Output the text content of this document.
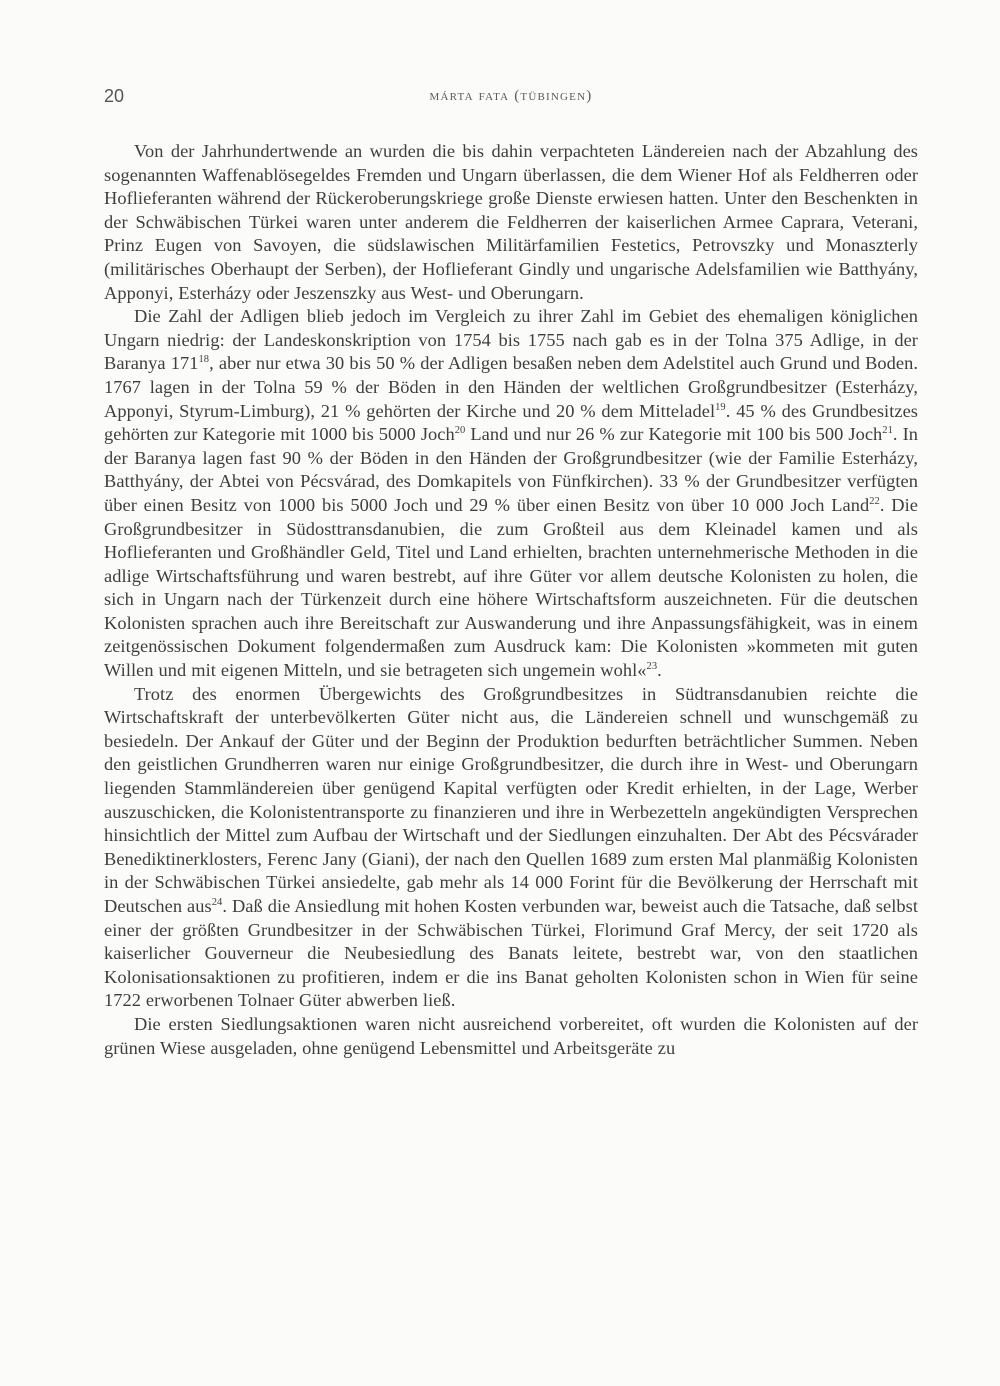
20	márta fata (tübingen)

Von der Jahrhundertwende an wurden die bis dahin verpachteten Ländereien nach der Abzahlung des sogenannten Waffenablösegeldes Fremden und Ungarn überlassen, die dem Wiener Hof als Feldherren oder Hoflieferanten während der Rückeroberungskriege große Dienste erwiesen hatten. Unter den Beschenkten in der Schwäbischen Türkei waren unter anderem die Feldherren der kaiserlichen Armee Caprara, Veterani, Prinz Eugen von Savoyen, die südslawischen Militärfamilien Festetics, Petrovszky und Monaszterly (militärisches Oberhaupt der Serben), der Hoflieferant Gindly und ungarische Adelsfamilien wie Batthyány, Apponyi, Esterházy oder Jeszenszky aus West- und Oberungarn.

Die Zahl der Adligen blieb jedoch im Vergleich zu ihrer Zahl im Gebiet des ehemaligen königlichen Ungarn niedrig: der Landeskonskription von 1754 bis 1755 nach gab es in der Tolna 375 Adlige, in der Baranya $171^{18}$, aber nur etwa 30 bis 50 % der Adligen besaßen neben dem Adelstitel auch Grund und Boden. 1767 lagen in der Tolna 59 % der Böden in den Händen der weltlichen Großgrundbesitzer (Esterházy, Apponyi, Styrum-Limburg), 21 % gehörten der Kirche und 20 % dem Mitteladel$^{19}$. 45 % des Grundbesitzes gehörten zur Kategorie mit 1000 bis 5000 Joch$^{20}$ Land und nur 26 % zur Kategorie mit 100 bis 500 Joch$^{21}$. In der Baranya lagen fast 90 % der Böden in den Händen der Großgrundbesitzer (wie der Familie Esterházy, Batthyány, der Abtei von Pécsvárad, des Domkapitels von Fünfkirchen). 33 % der Grundbesitzer verfügten über einen Besitz von 1000 bis 5000 Joch und 29 % über einen Besitz von über 10 000 Joch Land$^{22}$. Die Großgrundbesitzer in Südosttransdanubien, die zum Großteil aus dem Kleinadel kamen und als Hoflieferanten und Großhändler Geld, Titel und Land erhielten, brachten unternehmerische Methoden in die adlige Wirtschaftsführung und waren bestrebt, auf ihre Güter vor allem deutsche Kolonisten zu holen, die sich in Ungarn nach der Türkenzeit durch eine höhere Wirtschaftsform auszeichneten. Für die deutschen Kolonisten sprachen auch ihre Bereitschaft zur Auswanderung und ihre Anpassungsfähigkeit, was in einem zeitgenössischen Dokument folgendermaßen zum Ausdruck kam: Die Kolonisten »kommeten mit guten Willen und mit eigenen Mitteln, und sie betrageten sich ungemein wohl«$^{23}$.

Trotz des enormen Übergewichts des Großgrundbesitzes in Südtransdanubien reichte die Wirtschaftskraft der unterbevölkerten Güter nicht aus, die Ländereien schnell und wunschgemäß zu besiedeln. Der Ankauf der Güter und der Beginn der Produktion bedurften beträchtlicher Summen. Neben den geistlichen Grundherren waren nur einige Großgrundbesitzer, die durch ihre in West- und Oberungarn liegenden Stammländereien über genügend Kapital verfügten oder Kredit erhielten, in der Lage, Werber auszuschicken, die Kolonistentransporte zu finanzieren und ihre in Werbezetteln angekündigten Versprechen hinsichtlich der Mittel zum Aufbau der Wirtschaft und der Siedlungen einzuhalten. Der Abt des Pécsvárader Benediktinerklosters, Ferenc Jany (Giani), der nach den Quellen 1689 zum ersten Mal planmäßig Kolonisten in der Schwäbischen Türkei ansiedelte, gab mehr als 14 000 Forint für die Bevölkerung der Herrschaft mit Deutschen aus$^{24}$. Daß die Ansiedlung mit hohen Kosten verbunden war, beweist auch die Tatsache, daß selbst einer der größten Grundbesitzer in der Schwäbischen Türkei, Florimund Graf Mercy, der seit 1720 als kaiserlicher Gouverneur die Neubesiedlung des Banats leitete, bestrebt war, von den staatlichen Kolonisationsaktionen zu profitieren, indem er die ins Banat geholten Kolonisten schon in Wien für seine 1722 erworbenen Tolnaer Güter abwerben ließ.

Die ersten Siedlungsaktionen waren nicht ausreichend vorbereitet, oft wurden die Kolonisten auf der grünen Wiese ausgeladen, ohne genügend Lebensmittel und Arbeitsgeräte zu
